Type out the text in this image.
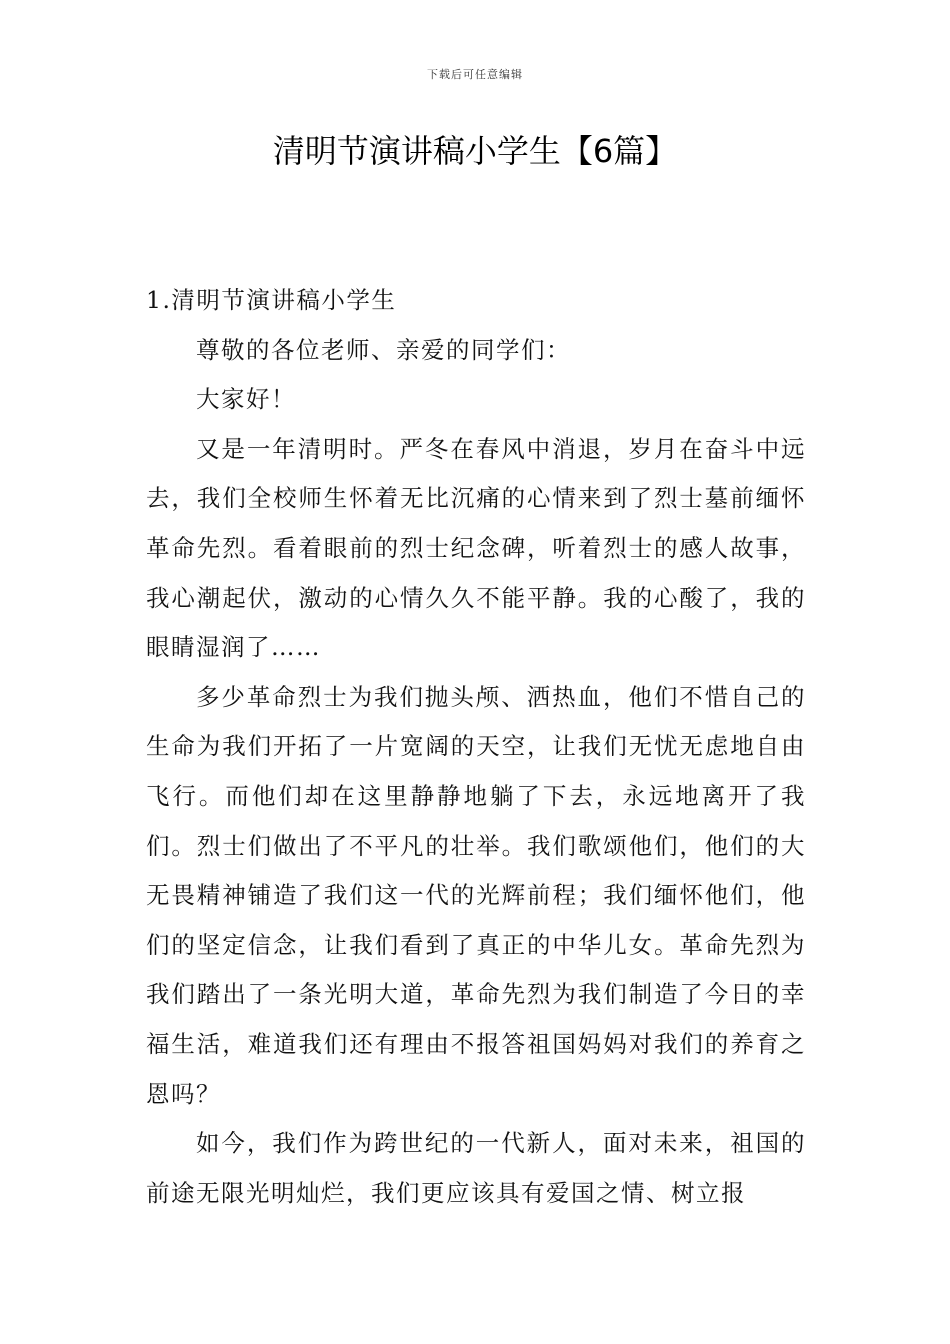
下载后可任意编辑
清明节演讲稿小学生【6篇】

1.清明节演讲稿小学生

尊敬的各位老师、亲爱的同学们：

大家好！

又是一年清明时。严冬在春风中消退，岁月在奋斗中远去，我们全校师生怀着无比沉痛的心情来到了烈士墓前缅怀革命先烈。看着眼前的烈士纪念碑，听着烈士的感人故事，我心潮起伏，激动的心情久久不能平静。我的心酸了，我的眼睛湿润了……

多少革命烈士为我们抛头颅、洒热血，他们不惜自己的生命为我们开拓了一片宽阔的天空，让我们无忧无虑地自由飞行。而他们却在这里静静地躺了下去，永远地离开了我们。烈士们做出了不平凡的壮举。我们歌颂他们，他们的大无畏精神铺造了我们这一代的光辉前程；我们缅怀他们，他们的坚定信念，让我们看到了真正的中华儿女。革命先烈为我们踏出了一条光明大道，革命先烈为我们制造了今日的幸福生活，难道我们还有理由不报答祖国妈妈对我们的养育之恩吗？

如今，我们作为跨世纪的一代新人，面对未来，祖国的前途无限光明灿烂，我们更应该具有爱国之情、树立报
